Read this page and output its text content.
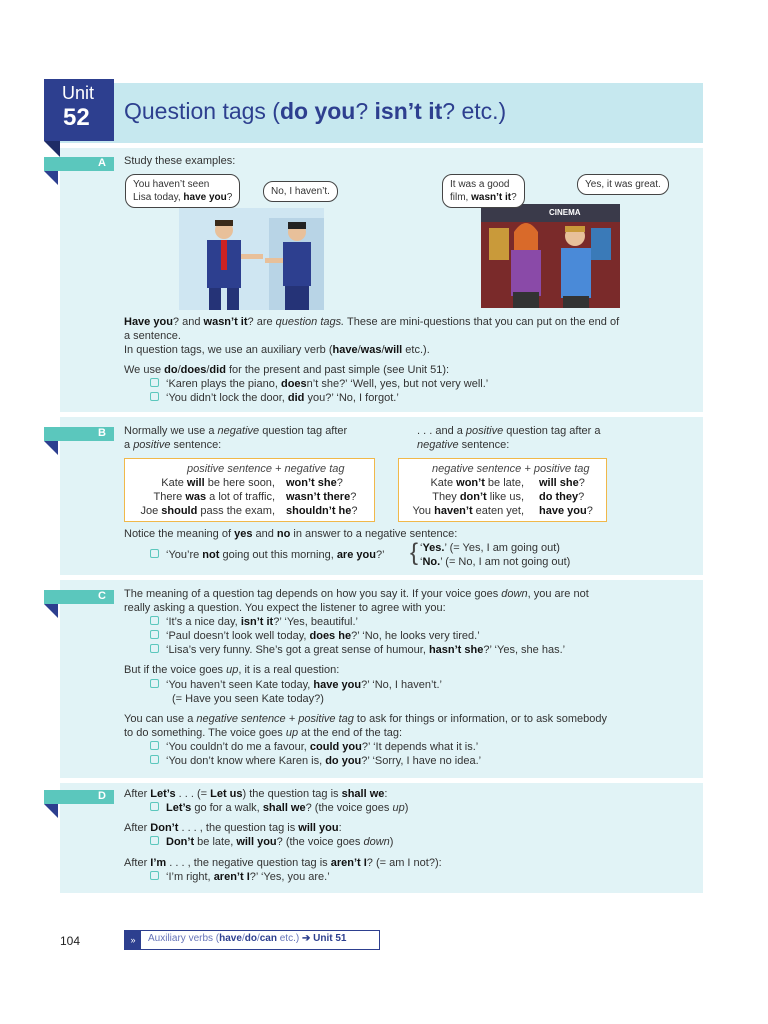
Unit
52 Question tags (do you? isn’t it? etc.)
A Study these examples:
You haven’t seen
Lisa today, have you?
No, I haven’t.
CINEMA
It was a good
film, wasn’t it?
Yes, it was great.
Have you? and wasn’t it? are question tags. These are mini-questions that you can put on the end of
a sentence.
In question tags, we use an auxiliary verb (have/was/will etc.).
We use do/does/did for the present and past simple (see Unit 51):
‘Karen plays the piano, doesn’t she?’ ‘Well, yes, but not very well.’
‘You didn’t lock the door, did you?’ ‘No, I forgot.’
B Normally we use a negative question tag after
a positive sentence:
. . . and a positive question tag after a
negative sentence:
positive sentence + negative tag
Kate will be here soon, won’t she?
There was a lot of traffic, wasn’t there?
Joe should pass the exam, shouldn’t he?
negative sentence + positive tag
Kate won’t be late, will she?
They don’t like us, do they?
You haven’t eaten yet, have you?
Notice the meaning of yes and no in answer to a negative sentence:
‘You’re not going out this morning, are you?’ { ‘Yes.’ (= Yes, I am going out)
‘No.’ (= No, I am not going out)
C The meaning of a question tag depends on how you say it. If your voice goes down, you are not
really asking a question. You expect the listener to agree with you:
‘It’s a nice day, isn’t it?’ ‘Yes, beautiful.’
‘Paul doesn’t look well today, does he?’ ‘No, he looks very tired.’
‘Lisa’s very funny. She’s got a great sense of humour, hasn’t she?’ ‘Yes, she has.’
But if the voice goes up, it is a real question:
‘You haven’t seen Kate today, have you?’ ‘No, I haven’t.’
(= Have you seen Kate today?)
You can use a negative sentence + positive tag to ask for things or information, or to ask somebody
to do something. The voice goes up at the end of the tag:
‘You couldn’t do me a favour, could you?’ ‘It depends what it is.’
‘You don’t know where Karen is, do you?’ ‘Sorry, I have no idea.’
D After Let’s . . . (= Let us) the question tag is shall we:
Let’s go for a walk, shall we? (the voice goes up)
After Don’t . . . , the question tag is will you:
Don’t be late, will you? (the voice goes down)
After I’m . . . , the negative question tag is aren’t I? (= am I not?):
‘I’m right, aren’t I?’ ‘Yes, you are.’
104	»	Auxiliary verbs (have/do/can etc.) ➔ Unit 51
